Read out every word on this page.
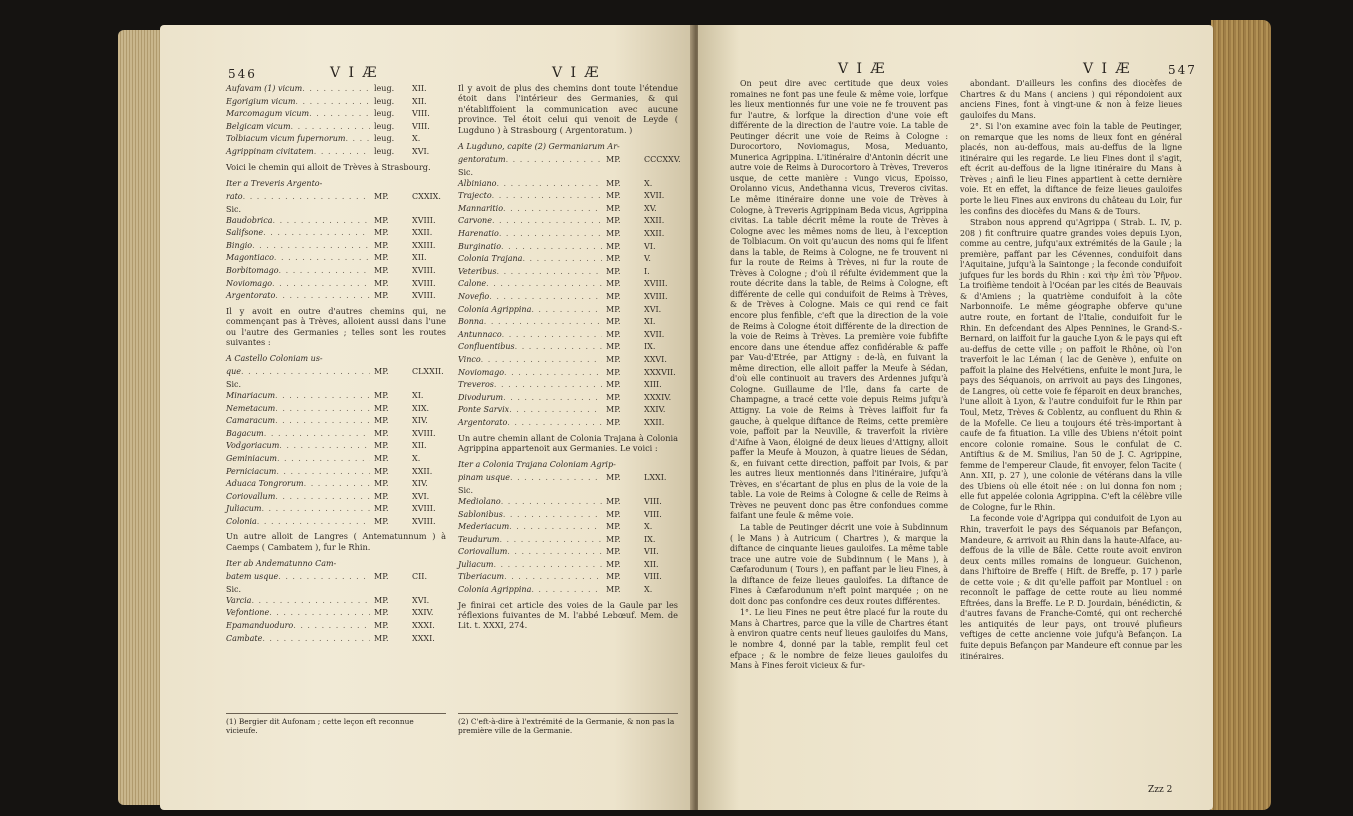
546	V I Æ	V I Æ
Aufavam (1) vicum . . .	leug.	XII.
Egorigium vicum . . .	leug.	XII.
Marcomagum vicum . . .	leug.	VIII.
Belgicam vicum . . .	leug.	VIII.
Tolbiacum vicum fupernorum . . .	leug.	X.
Agrippinam civitatem . . .	leug.	XVI.

Voici le chemin qui alloit de Trèves à Strasbourg.

Iter a Treveris Argento-
rato . . .	MP.	CXXIX.
Sic.
Baudobrica . . .	MP.	XVIII.
Salifsone . . .	MP.	XXII.
Bingio . . .	MP.	XXIII.
Magontiaco . . .	MP.	XII.
Borbitomago . . .	MP.	XVIII.
Noviomago . . .	MP.	XVIII.
Argentorato . . .	MP.	XVIII.

Il y avoit en outre d'autres chemins qui, ne commençant pas à Trèves, alloient aussi dans l'une ou l'autre des Germanies ; telles sont les routes suivantes :

A Castello Coloniam us-
que . . .	MP.	CLXXII.
Sic.
Minariacum . . .	MP.	XI.
Nemetacum . . .	MP.	XIX.
Camaracum . . .	MP.	XIV.
Bagacum . . .	MP.	XVIII.
Vodgoriacum . . .	MP.	XII.
Geminiacum . . .	MP.	X.
Perniciacum . . .	MP.	XXII.
Aduaca Tongrorum . . .	MP.	XIV.
Coriovallum . . .	MP.	XVI.
Juliacum . . .	MP.	XVIII.
Colonia . . .	MP.	XVIII.

Un autre alloit de Langres ( Antematunnum ) à Caemps ( Cambatem ), fur le Rhin.

Iter ab Andematunno Cam-
batem usque . . .	MP.	CII.
Sic.
Varcia . . .	MP.	XVI.
Vefontione . . .	MP.	XXIV.
Epamanduoduro . . .	MP.	XXXI.
Cambate . . .	MP.	XXXI.
(1) Bergier dit Aufonam ; cette leçon eft reconnue vicieufe.

Il y avoit de plus des chemins dont toute l'étendue étoit dans l'intérieur des Germanies, & qui n'établiffoient la communication avec aucune province. Tel étoit celui qui venoit de Leyde ( Lugduno ) à Strasbourg ( Argentoratum. )

A Lugduno, capite (2) Germaniarum Ar-
gentoratum . . .	MP.	CCCXXV.
Sic.
Albiniano . . .	MP.	X.
Trajecto . . .	MP.	XVII.
Mannaritio . . .	MP.	XV.
Carvone . . .	MP.	XXII.
Harenatio . . .	MP.	XXII.
Burginatio . . .	MP.	VI.
Colonia Trajana . . .	MP.	V.
Veteribus . . .	MP.	I.
Calone . . .	MP.	XVIII.
Novefio . . .	MP.	XVIII.
Colonia Agrippina . . .	MP.	XVI.
Bonna . . .	MP.	XI.
Antunnaco . . .	MP.	XVII.
Confluentibus . . .	MP.	IX.
Vinco . . .	MP.	XXVI.
Noviomago . . .	MP.	XXXVII.
Treveros . . .	MP.	XIII.
Divodurum . . .	MP.	XXXIV.
Ponte Sarvix . . .	MP.	XXIV.
Argentorato . . .	MP.	XXII.

Un autre chemin allant de Colonia Trajana à Colonia Agrippina appartenoit aux Germanies. Le voici :

Iter a Colonia Trajana Coloniam Agrip-
pinam usque . . .	MP.	LXXI.
Sic.
Mediolano . . .	MP.	VIII.
Sablonibus . . .	MP.	VIII.
Mederiacum . . .	MP.	X.
Teudurum . . .	MP.	IX.
Coriovallum . . .	MP.	VII.
Juliacum . . .	MP.	XII.
Tiberiacum . . .	MP.	VIII.
Colonia Agrippina . . .	MP.	X.

Je finirai cet article des voies de la Gaule par les réflexions fuivantes de M. l'abbé Lebœuf. Mem. de Lit. t. XXXI, 274.

(2) C'eft-à-dire à l'extrémité de la Germanie, & non pas la première ville de la Germanie.
V I Æ	V I Æ	547

On peut dire avec certitude que deux voies romaines ne font pas une feule & même voie, lorfque les lieux mentionnés fur une voie ne fe trouvent pas fur l'autre, & lorfque la direction d'une voie eft différente de la direction de l'autre voie. La table de Peutinger décrit une voie de Reims à Cologne : Durocortoro, Noviomagus, Mosa, Meduanto, Munerica Agrippina. L'itinéraire d'Antonin décrit une autre voie de Reims à Durocortoro à Trèves, Treveros usque, de cette manière : Vungo vicus, Epoisso, Orolanno vicus, Andethanna vicus, Treveros civitas. Le même itinéraire donne une voie de Trèves à Cologne, à Treveris Agrippinam Beda vicus, Agrippina civitas. La table décrit même la route de Trèves à Cologne avec les mêmes noms de lieu, à l'exception de Tolbiacum. On voit qu'aucun des noms qui fe lifent dans la table, de Reims à Cologne, ne fe trouvent ni fur la route de Reims à Trèves, ni fur la route de Trèves à Cologne ; d'où il réfulte évidemment que la route décrite dans la table, de Reims à Cologne, eft différente de celle qui conduifoit de Reims à Trèves, & de Trèves à Cologne. Mais ce qui rend ce fait encore plus fenfible, c'eft que la direction de la voie de Reims à Cologne étoit différente de la direction de la voie de Reims à Trèves. La première voie fubfifte encore dans une étendue affez confidérable & paffe par Vau-d'Etrée, par Attigny : de-là, en fuivant la même direction, elle alloit paffer la Meufe à Sédan, d'où elle continuoit au travers des Ardennes jufqu'à Cologne. Guillaume de l'Ile, dans fa carte de Champagne, a tracé cette voie depuis Reims jufqu'à Attigny. La voie de Reims à Trèves laiffoit fur fa gauche, à quelque diftance de Reims, cette première voie, paffoit par la Neuville, & traverfoit la rivière d'Aifne à Vaon, éloigné de deux lieues d'Attigny, alloit paffer la Meufe à Mouzon, à quatre lieues de Sédan, &, en fuivant cette direction, paffoit par Ivois, & par les autres lieux mentionnés dans l'itinéraire, jufqu'à Trèves, en s'écartant de plus en plus de la voie de la table. La voie de Reims à Cologne & celle de Reims à Trèves ne peuvent donc pas être confondues comme faifant une feule & même voie.

La table de Peutinger décrit une voie à Subdinnum ( le Mans ) à Autricum ( Chartres ), & marque la diftance de cinquante lieues gauloifes. La même table trace une autre voie de Subdinnum ( le Mans ), à Cæfarodunum ( Tours ), en paffant par le lieu Fines, à la diftance de feize lieues gauloifes. La diftance de Fines à Cæfarodunum n'eft point marquée ; on ne doit donc pas confondre ces deux routes différentes.

1°. Le lieu Fines ne peut être placé fur la route du Mans à Chartres, parce que la ville de Chartres étant à environ quatre cents neuf lieues gauloifes du Mans, le nombre 4, donné par la table, remplit feul cet efpace ; & le nombre de feize lieues gauloifes du Mans à Fines feroit vicieux & fur-

abondant. D'ailleurs les confins des diocèfes de Chartres & du Mans ( anciens ) qui répondoient aux anciens Fines, font à vingt-une & non à feize lieues gauloifes du Mans.

2°. Si l'on examine avec foin la table de Peutinger, on remarque que les noms de lieux font en général placés, non au-deffous, mais au-deffus de la ligne itinéraire qui les regarde. Le lieu Fines dont il s'agit, eft écrit au-deffous de la ligne itinéraire du Mans à Trèves ; ainfi le lieu Fines appartient à cette dernière voie. Et en effet, la diftance de feize lieues gauloifes porte le lieu Fines aux environs du château du Loir, fur les confins des diocèfes du Mans & de Tours.

Strabon nous apprend qu'Agrippa ( Strab. L. IV, p. 208 ) fit conftruire quatre grandes voies depuis Lyon, comme au centre, jufqu'aux extrémités de la Gaule ; la première, paffant par les Cévennes, conduifoit dans l'Aquitaine, jufqu'à la Saintonge ; la feconde conduifoit jufques fur les bords du Rhin : καὶ τὴν ἐπὶ τὸν Ῥῆνον. La troifième tendoit à l'Océan par les cités de Beauvais & d'Amiens ; la quatrième conduifoit à la côte Narbonnoife. Le même géographe obferve qu'une autre route, en fortant de l'Italie, conduifoit fur le Rhin. En defcendant des Alpes Pennines, le Grand-S.-Bernard, on laiffoit fur la gauche Lyon & le pays qui eft au-deffus de cette ville ; on paffoit le Rhône, où l'on traverfoit le lac Léman ( lac de Genève ), enfuite on paffoit la plaine des Helvétiens, enfuite le mont Jura, le pays des Séquanois, on arrivoit au pays des Lingones, de Langres, où cette voie fe féparoit en deux branches, l'une alloit à Lyon, & l'autre conduifoit fur le Rhin par Toul, Metz, Trèves & Coblentz, au confluent du Rhin & de la Mofelle. Ce lieu a toujours été très-important à caufe de fa fituation. La ville des Ubiens n'étoit point encore colonie romaine. Sous le confulat de C. Antiftius & de M. Smilius, l'an 50 de J. C. Agrippine, femme de l'empereur Claude, fit envoyer, felon Tacite ( Ann. XII, p. 27 ), une colonie de vétérans dans la ville des Ubiens où elle étoit née : on lui donna fon nom ; elle fut appelée colonia Agrippina. C'eft la célèbre ville de Cologne, fur le Rhin.

La feconde voie d'Agrippa qui conduifoit de Lyon au Rhin, traverfoit le pays des Séquanois par Befançon, Mandeure, & arrivoit au Rhin dans la haute-Alface, au-deffous de la ville de Bâle. Cette route avoit environ deux cents milles romains de longueur. Guichenon, dans l'hiftoire de Breffe ( Hift. de Breffe, p. 17 ) parle de cette voie ; & dit qu'elle paffoit par Montluel : on reconnoît le paffage de cette route au lieu nommé Eftrées, dans la Breffe. Le P. D. Jourdain, bénédictin, & d'autres favans de Franche-Comté, qui ont recherché les antiquités de leur pays, ont trouvé plufieurs veftiges de cette ancienne voie jufqu'à Befançon. La fuite depuis Befançon par Mandeure eft connue par les itinéraires.

Zzz 2
